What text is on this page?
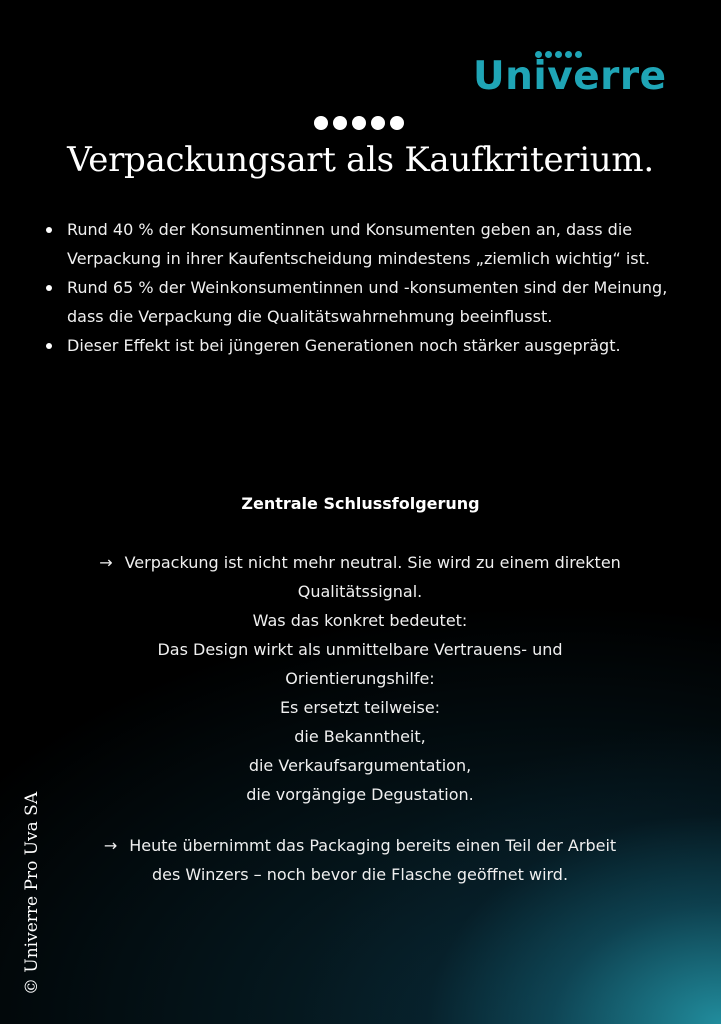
Univerre
Verpackungsart als Kaufkriterium.
Rund 40 % der Konsumentinnen und Konsumenten geben an, dass die Verpackung in ihrer Kaufentscheidung mindestens „ziemlich wichtig“ ist.
Rund 65 % der Weinkonsumentinnen und -konsumenten sind der Meinung, dass die Verpackung die Qualitätswahrnehmung beeinflusst.
Dieser Effekt ist bei jüngeren Generationen noch stärker ausgeprägt.
Zentrale Schlussfolgerung
→ Verpackung ist nicht mehr neutral. Sie wird zu einem direkten
Qualitätssignal.
Was das konkret bedeutet:
Das Design wirkt als unmittelbare Vertrauens- und
Orientierungshilfe:
Es ersetzt teilweise:
die Bekanntheit,
die Verkaufsargumentation,
die vorgängige Degustation.
→ Heute übernimmt das Packaging bereits einen Teil der Arbeit
des Winzers – noch bevor die Flasche geöffnet wird.
© Univerre Pro Uva SA
